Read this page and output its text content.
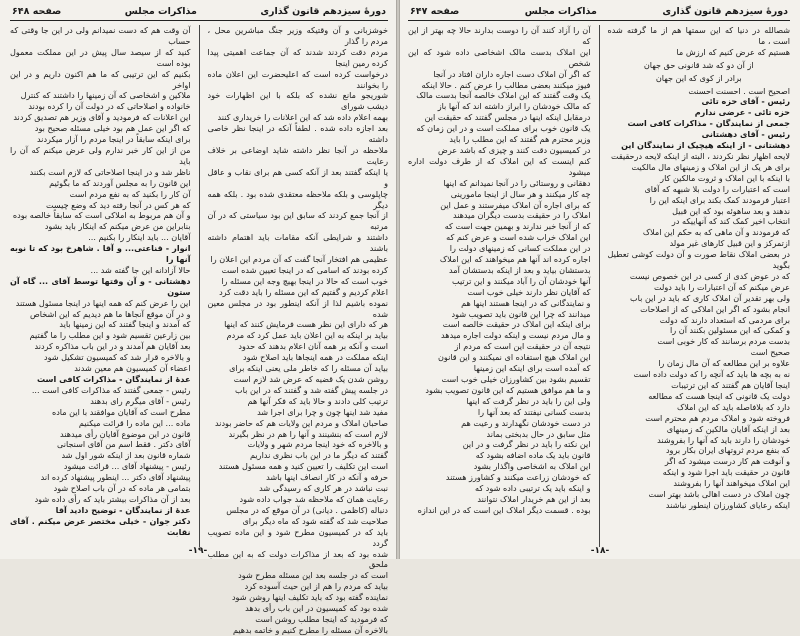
دورهٔ سیزدهم قانون گذاری
مذاکرات مجلس
صفحه ۶۴۸

خوشزبانی و آن وقتیکه وزیر جنگ مباشرین محل ، مردم را گذار

مردم دقت کردند شدند که آن جماعت اهمیتی پیدا کرده رمین اینجا

درخواست کرده است که اعلیحضرت این اعلان ماده را بخوانند

شوریجو مانع نشده که بلکه با این اظهارات خود دیشب شورای

بهمه اعلام داده شد که این اعلانات را خریداری کنند

بعد اجازه داده شده . لطفاً آنکه در اینجا نظر خاصی داشته

ملاحظه در آنجا نظر داشته شاید اوضاعی بر خلاف رعایت

یا اینکه گفتند بعد از آنکه کسی هم برای نقاب و عاقل و

چاپلوسی و بلکه ملاحظه معتقدی شده بود . بلکه همه دیگر

از آنجا جمع کردند که سابق این بود سیاستی که در آن مرتبه

داشتند و شرایطی آنکه مقامات باید اهتمام داشته باشند

عظیمی هم افتخار آنجا گفت که آن مردم این اعلان را

کرده بودند که اسامی که در اینجا تعیین شده است

خوب است که حالا در اینجا بهیچ وجه این مسئله را

اعلام کردیم و گفتیم که این مسئله را باید دقت کرد

نموده باشیم لذا از آنکه اینطور بود در مجلس معین شده

هر که دارای این نظر هست فرمایش کنند که اینها

بیاید بر اینکه به این اعلان باید عمل کرد که مردم

است و آنکه بر همه آنان اعلام بدهند که حدود

اینکه مملکت در همه اینجاها باید اصلاح شود

بیاید آن مسئله را که خاطر ملی یعنی اینکه برای

روشن شدن یک قضیه که عرض شد لازم است

در جلسه پیش گفته شد و گفتند که در این باب

ترتیب کلی دادند و حالا باید که فکر آنها هم

مفید شد اینها چون و چرا برای اجرا شد

صاحبان املاک و مردم این ولایات هم که حاضر بودند

لازم است که بنشینند و آنها را هم در نظر بگیرند

و بالاخره که خود اینجا مردم شهر و ولایات

گفتند که دیگر ما در این باب نظری نداریم

است این تکلیف را تعیین کنید و همه مسئول هستند

حرفه و آنکه در کار انصاف اینها باشد

نبت نباشد در هر کاری که رسیدگی شد

رعایت همان که ملاحظه شد جواب داده شود

دنباله (کاظمی . دیانی) در آن موقع که در مجلس

صلاحیت شد که گفته شود که ماه دیگر برای

باید که در کمیسیون مطرح شود و این ماده تصویب گردد

شده بود که بعد از مذاکرات دولت که به این مطلب ملحق

است که در جلسه بعد این مسئله مطرح شود

بیاید که مردم را هم از این حیث آسوده کرد

نماینده گفته بود که باید تکلیف اینها روشن شود

شده بود که کمیسیون در این باب رأی بدهد

که فرمودید که اینجا مطلب روشن است

بالاخره آن مسئله را مطرح کنیم و خاتمه بدهیم

آن وقت هم که دست نمیدانم ولی در این جا وقتی که حساب

کنید که از سیصد سال پیش در این مملکت معمول بوده است

بکنیم که این ترتیبی که ما هم اکنون داریم و در این اواخر

ملاکین و اشخاصی که آن زمینها را داشتند که کنترل

خانواده و اصلاحاتی که در دولت آن را کرده بودند

این اعلانات که فرمودید و آقای وزیر هم تصدیق کردند

که اگر این عمل هم بود خیلی مسئله صحیح بود

برای اینکه سابقاً در اینجا مردم را آزار میکردند

من از این کار خبر ندارم ولی عرض میکنم که آن را باید

ناظر شد و در اینجا اصلاحاتی که لازم است بکنند

این قانون را به مجلس آوردند که ما بگوئیم

آن کار را بکنید که به نفع مردم است

که هر کس در آنجا رفته دید که وضع چیست

و آن هم مربوط به املاکی است که سابقاً خالصه بوده

بنابراین من عرض میکنم که اینکار باید بشود

آقایان ... باید اینکار را بکنیم ...

انوار - قناعتی... و آقا . شاهرخ بود که تا نوبه آنها را

حالا آزادانه این جا گفته شد ...

دهشتانی - و آن وقتها توسط آقای ... گاه آن ستون

این را عرض کنم که همه اینها در اینجا مسئول هستند

و در آن موقع آنجاها ما هم دیدیم که این اشخاص

که آمدند و اینجا گفتند که این زمینها باید

بین زارعین تقسیم شود و این مطلب را ما گفتیم

بعد آقایان هم آمدند و در این باب مذاکره کردند

و بالاخره قرار شد که کمیسیون تشکیل شود

اعضاء آن کمیسیون هم معین شدند

عدهٔ از نمایندگان - مذاکرات کافی است

رئیس - جمعی گفتند که مذاکرات کافی است ...

رئیس - آقای میگرم رای بدهند

مطرح است که آقایان موافقند با این ماده

ماده ... این ماده را قرائت میکنیم

قانون در این موضوع آقایان رأی میدهند

آقای دکتر . فقط اسم من آقای اسنجانی

شماره قانون بعد از اینکه شور اول شد

رئیس - پیشنهاد آقای ... قرائت میشود

پیشنهاد آقای دکتر ... اینطور پیشنهاد کرده اند

بتمامی هر ماده که در آن باب اصلاح شود

بعد از آن مذاکرات بیشتر باید که رأی داده شود

عدهٔ از نمایندگان - توضیح دادید آقا

دکتر جوان - خیلی مختصر عرض میکنم . آقای نقابت

-۱۹-
دورهٔ سیزدهم قانون گذاری
مذاکرات مجلس
صفحه ۶۴۷

شصالله در دنیا که این سمتها هم از ما گرفته شده است ، ما

هستیم که عرض کنیم که ارزش ما

از آن دو که شد قانونی حق جهان

برادر از کوی که این جهان

اصحیح است . احسنت احسنت

رئیس - آقای حزه تائی

حزه تائی - عرضی ندارم

جمعی از نمایندگان - مذاکرات کافی است

رئیس - آقای دهشتانی

دهشتانی - از اینکه هیچیک از نمایندگان این

لایحه اظهار نظر نکردند ، البته از اینکه لایحه درحقیقت

برای هر یک از این املاک و زمینهای مال مالکیت

با اینکه با این املاک و ثروت مالکین کار

است که اعتبارات را دولت بلا شبهه که آقای

اعتبار فرمودند کمک بکند برای اینکه این را

ندهند و بعد ساهوئه بود که این قبیل

انتخاب اخیر کمک کند که آنهاییکه در

که فرمودند و آن ماهی که به حکم این املاک

ازتمرکز و این قبیل کارهای غیر مولد

در بعضی املاک نقاط صورت و آن دولت کوشی تعطیل بگوید

که در عوض کدی از کسی در این خصوص نیست

عرض میکنم که آن اعتبارات را باید دولت

ولی بهر تقدیر آن املاک کاری که باید در این باب

انجام بشود که اگر این املاکی که از اصلاحات

برای مردمی که استعداد دارند که دولت

و کمکی که این مسئولین بکنند آن را

بدست مردم برسانند که کار خوبی است

صحیح است

علاوه بر این مطالعه که آن مال زمان را

نه به بچه ها باید که آنچه را که دولت داده است

اینجا آقایان هم گفتند که این ترتیبات

دولت یک قانونی که اینجا هست که مطالعه

دارد که بلافاصله باید که این املاک

فروخته شود و املاک مردم هم محترم است

بعد از اینکه آقایان مالکین که زمینهای

خودشان را دارند باید که آنها را بفروشند

که بنفع مردم ثروتهای ایران بکار برود

و آنوقت هم کار درست میشود که اگر

قانون در حقیقت باید اجرا شود و اینکه

این املاک میخواهند آنها را بفروشند

چون املاک در دست اهالی باشد بهتر است

اینکه رعایای کشاورزان اینطور نباشند

آن را آزاد کنند آن را دوست بدارند حالا چه بهتر از این که

این املاک بدست مالک اشخاصی داده شود که این شخص

که اگر آن املاک دست اجاره داران افتاد در آنجا

فیوز میکنند بعضی مطالب را عرض کنم . حالا اینکه

یک وقت گفتند که این املاک خالصه آنجا بدست مالک

که مالک خودشان را ابراز داشته اند که آنها باز

درمقابل اینکه اینها در مجلس گفتند که حقیقت این

یک قانون خوب برای مملکت است و در این زمان که

وزیر محترم هم گفتند که این مطلب را باید

در کمیسیون دقت کنند و چیزی که باشد عرض

کنم اینست که این املاک که از طرف دولت اداره میشود

دهقانی و روستائی را در آنجا نمیدانم که اینها

چه کار میکنند و هر سال از اینجا مامورینی

که برای اجاره آن املاک میفرستند و عمل این

املاک را در حقیقت بدست دیگران میدهند

که از آنجا خبر ندارند و بهمین جهت است که

این املاک خراب شده است و عرض کنم که

در این مملکت کسانی که زمینهای دولت را

اجاره کرده اند آنها هم میخواهند که این املاک

بدستشان بیاید و بعد از اینکه بدستشان آمد

آنها خودشان آن را آباد میکنند و این ترتیب

که آقایان نظر دارند خیلی خوب است

و نمایندگانی که در اینجا هستند اینها هم

میدانند که چرا این قانون باید تصویب شود

برای اینکه این املاک در حقیقت خالصه است

و مال مردم نیست و اینکه دولت اجاره میدهد

نتیجه آن در حقیقت این است که مردم از

این املاک هیچ استفاده ای نمیکنند و این قانون

که آمده است برای اینکه این زمینها

تقسیم بشود بین کشاورزان خیلی خوب است

و ما هم موافق هستیم که این قانون تصویب بشود

ولی این را باید در نظر گرفت که اینها

بدست کسانی نیفتند که بعد آنها را

در دست خودشان نگهدارند و رعیت هم

مثل سابق در حال بدبختی بماند

این نکته را باید در نظر گرفت و در این

قانون باید یک ماده اضافه بشود که

این املاک به اشخاصی واگذار بشود

که خودشان زراعت میکنند و کشاورز هستند

و اینکه باید یک ترتیبی داده شود که

بعد از این هم خریدار املاک نتوانند

بوده . قسمت دیگر املاک این است که در این اندازه

-۱۸-
